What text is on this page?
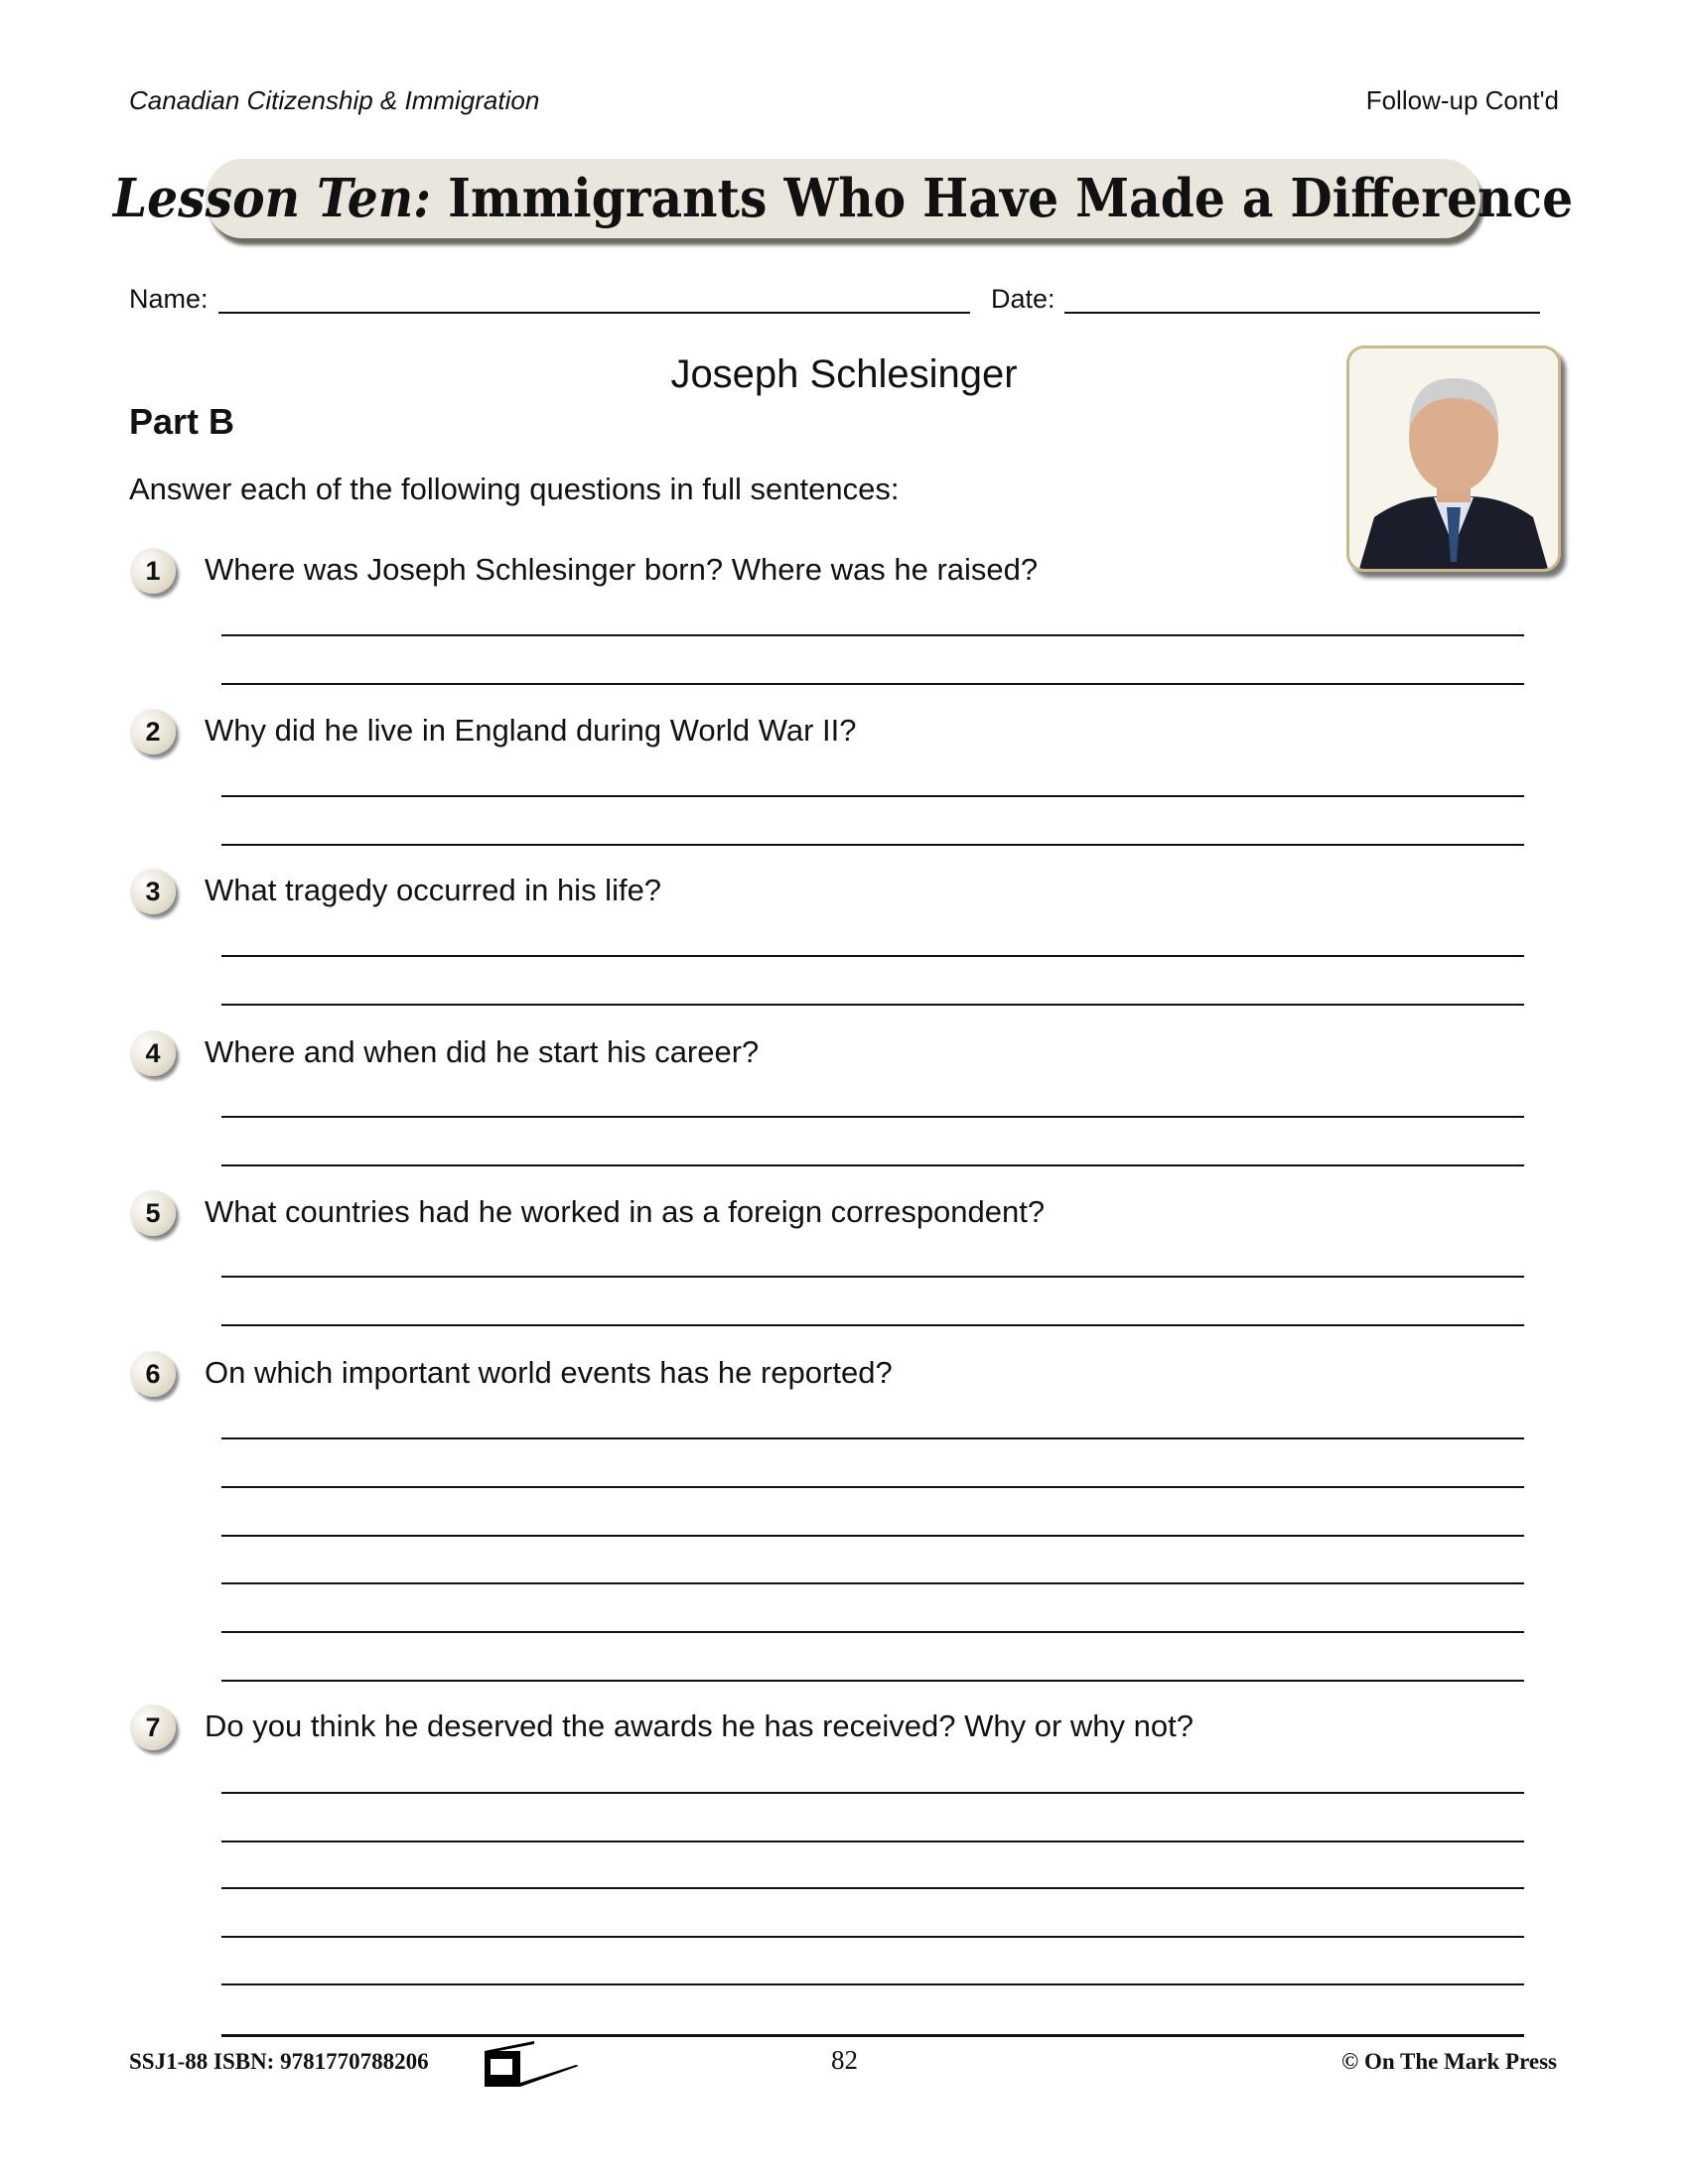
Canadian Citizenship & Immigration	Follow-up Cont'd
Lesson Ten:
Immigrants Who Have Made a Difference
Name:	Date:
Joseph Schlesinger
Part B
Answer each of the following questions in full sentences:
1	Where was Joseph Schlesinger born? Where was he raised?
2	Why did he live in England during World War II?
3	What tragedy occurred in his life?
4	Where and when did he start his career?
5	What countries had he worked in as a foreign correspondent?
6	On which important world events has he reported?
7	Do you think he deserved the awards he has received? Why or why not?
SSJ1-88 ISBN: 9781770788206	82	© On The Mark Press
